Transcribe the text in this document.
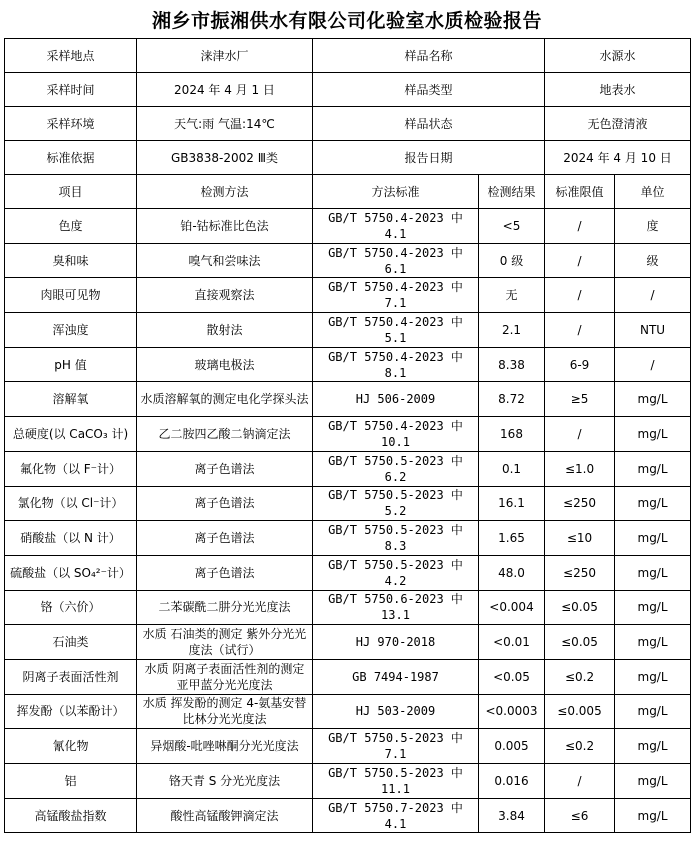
湘乡市振湘供水有限公司化验室水质检验报告
采样地点	涞津水厂	样品名称		水源水	
采样时间	2024 年 4 月 1 日	样品类型		地表水	
采样环境	天气:雨 气温:14℃	样品状态		无色澄清液	
标准依据	GB3838-2002 Ⅲ类	报告日期		2024 年 4 月 10 日	
项目	检测方法	方法标准	检测结果	标准限值	单位
色度	铂-钴标准比色法	GB/T 5750.4-2023 中 4.1	<5	/	度
臭和味	嗅气和尝味法	GB/T 5750.4-2023 中 6.1	0 级	/	级
肉眼可见物	直接观察法	GB/T 5750.4-2023 中 7.1	无	/	/
浑浊度	散射法	GB/T 5750.4-2023 中 5.1	2.1	/	NTU
pH 值	玻璃电极法	GB/T 5750.4-2023 中 8.1	8.38	6-9	/
溶解氧	水质溶解氧的测定电化学探头法	HJ 506-2009	8.72	≥5	mg/L
总硬度(以 CaCO₃ 计)	乙二胺四乙酸二钠滴定法	GB/T 5750.4-2023 中 10.1	168	/	mg/L
氟化物（以 F⁻计）	离子色谱法	GB/T 5750.5-2023 中 6.2	0.1	≤1.0	mg/L
氯化物（以 Cl⁻计）	离子色谱法	GB/T 5750.5-2023 中 5.2	16.1	≤250	mg/L
硝酸盐（以 N 计）	离子色谱法	GB/T 5750.5-2023 中 8.3	1.65	≤10	mg/L
硫酸盐（以 SO₄²⁻计）	离子色谱法	GB/T 5750.5-2023 中 4.2	48.0	≤250	mg/L
铬（六价）	二苯碳酰二肼分光光度法	GB/T 5750.6-2023 中 13.1	<0.004	≤0.05	mg/L
石油类	水质 石油类的测定 紫外分光光度法（试行）	HJ 970-2018	<0.01	≤0.05	mg/L
阴离子表面活性剂	水质 阴离子表面活性剂的测定 亚甲蓝分光光度法	GB 7494-1987	<0.05	≤0.2	mg/L
挥发酚（以苯酚计）	水质 挥发酚的测定 4-氨基安替比林分光光度法	HJ 503-2009	<0.0003	≤0.005	mg/L
氰化物	异烟酸-吡唑啉酮分光光度法	GB/T 5750.5-2023 中 7.1	0.005	≤0.2	mg/L
铝	铬天青 S 分光光度法	GB/T 5750.5-2023 中 11.1	0.016	/	mg/L
高锰酸盐指数	酸性高锰酸钾滴定法	GB/T 5750.7-2023 中 4.1	3.84	≤6	mg/L
